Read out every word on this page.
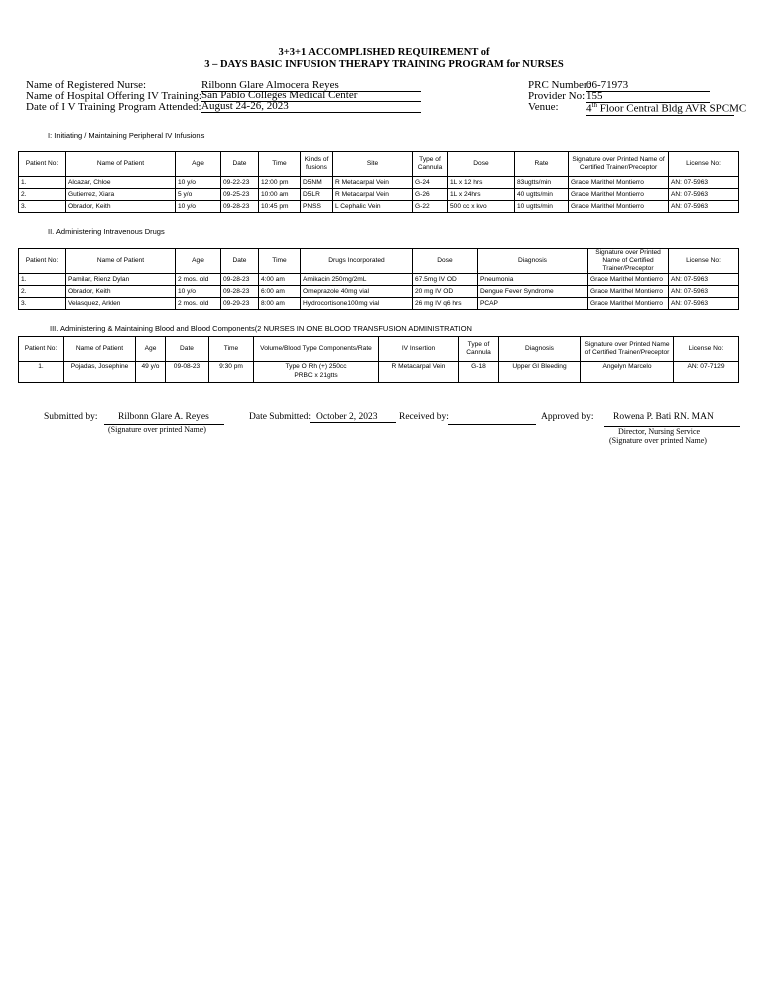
3+3+1 ACCOMPLISHED REQUIREMENT of
3 – DAYS BASIC INFUSION THERAPY TRAINING PROGRAM for NURSES
Name of Registered Nurse:	Rilbonn Glare Almocera Reyes
Name of Hospital Offering IV Training: San Pablo Colleges Medical Center
Date of I V Training Program Attended: August 24-26, 2023
PRC Number:
06-71973
Provider No: 155
Venue: 4th Floor Central Bldg AVR SPCMC
I: Initiating / Maintaining Peripheral IV Infusions
Patient No:	Name of Patient	Age	Date	Time	Kinds of fusions	Site	Type of Cannula	Dose	Rate	Signature over Printed Name of Certified Trainer/Preceptor	License No:
1.	Alcazar, Chloe	10 y/o	09-22-23	12:00 pm	D5NM	R Metacarpal Vein	G-24	1L x 12 hrs	83ugtts/min	Grace Marithel Montierro	AN: 07-5963
2.	Gutierrez, Xiara	5 y/o	09-25-23	10:00 am	D5LR	R Metacarpal Vein	G-26	1L x 24hrs	40 ugtts/min	Grace Marithel Montierro	AN: 07-5963
3.	Obrador, Keith	10 y/o	09-28-23	10:45 pm	PNSS	L Cephalic Vein	G-22	500 cc x kvo	10 ugtts/min	Grace Marithel Montierro	AN: 07-5963
II. Administering Intravenous Drugs
Patient No:	Name of Patient	Age	Date	Time	Drugs Incorporated	Dose	Diagnosis	Signature over Printed Name of Certified Trainer/Preceptor	License No:
1.	Pamilar, Rienz Dylan	2 mos. old	09-28-23	4:00 am	Amikacin 250mg/2mL	67.5mg IV OD	Pneumonia	Grace Marithel Montierro	AN: 07-5963
2.	Obrador, Keith	10 y/o	09-28-23	6:00 am	Omeprazole 40mg vial	20 mg IV OD	Dengue Fever Syndrome	Grace Marithel Montierro	AN: 07-5963
3.	Velasquez, Arklen	2 mos. old	09-29-23	8:00 am	Hydrocortisone100mg vial	26 mg IV q6 hrs	PCAP	Grace Marithel Montierro	AN: 07-5963
III. Administering & Maintaining Blood and Blood Components(2 NURSES IN ONE BLOOD TRANSFUSION ADMINISTRATION
Patient No:	Name of Patient	Age	Date	Time	Volume/Blood Type Components/Rate	IV Insertion	Type of Cannula	Diagnosis	Signature over Printed Name of Certified Trainer/Preceptor	License No:
1.	Pojadas, Josephine	49 y/o	09-08-23	9:30 pm	Type O Rh (+) 250cc
PRBC x 21gtts	R Metacarpal Vein	G-18	Upper GI Bleeding	Angelyn Marcelo	AN: 07-7129
Submitted by: Rilbonn Glare A. Reyes
(Signature over printed Name)
Date Submitted: October 2, 2023	Received by:	Approved by: Rowena P. Bati RN. MAN
Director, Nursing Service
(Signature over printed Name)
